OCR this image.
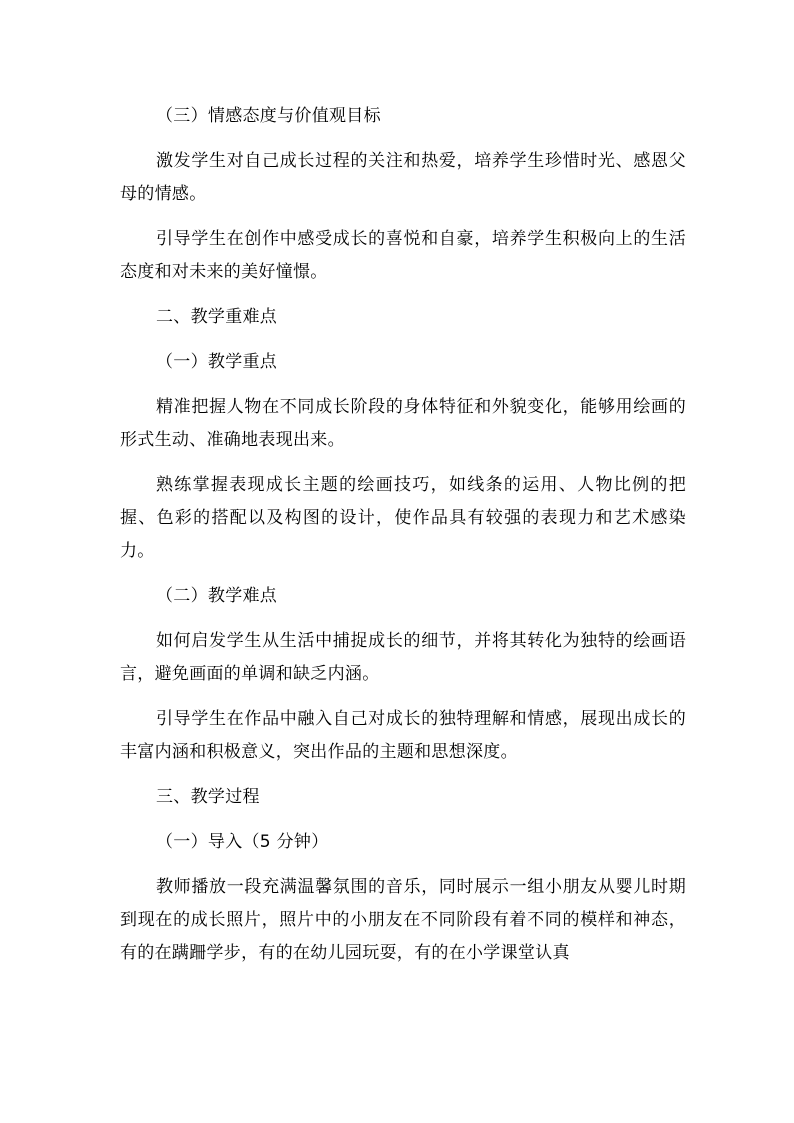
（三）情感态度与价值观目标

激发学生对自己成长过程的关注和热爱，培养学生珍惜时光、感恩父母的情感。

引导学生在创作中感受成长的喜悦和自豪，培养学生积极向上的生活态度和对未来的美好憧憬。

二、教学重难点

（一）教学重点

精准把握人物在不同成长阶段的身体特征和外貌变化，能够用绘画的形式生动、准确地表现出来。

熟练掌握表现成长主题的绘画技巧，如线条的运用、人物比例的把握、色彩的搭配以及构图的设计，使作品具有较强的表现力和艺术感染力。

（二）教学难点

如何启发学生从生活中捕捉成长的细节，并将其转化为独特的绘画语言，避免画面的单调和缺乏内涵。

引导学生在作品中融入自己对成长的独特理解和情感，展现出成长的丰富内涵和积极意义，突出作品的主题和思想深度。

三、教学过程

（一）导入（5 分钟）

教师播放一段充满温馨氛围的音乐，同时展示一组小朋友从婴儿时期到现在的成长照片，照片中的小朋友在不同阶段有着不同的模样和神态，有的在蹒跚学步，有的在幼儿园玩耍，有的在小学课堂认真
